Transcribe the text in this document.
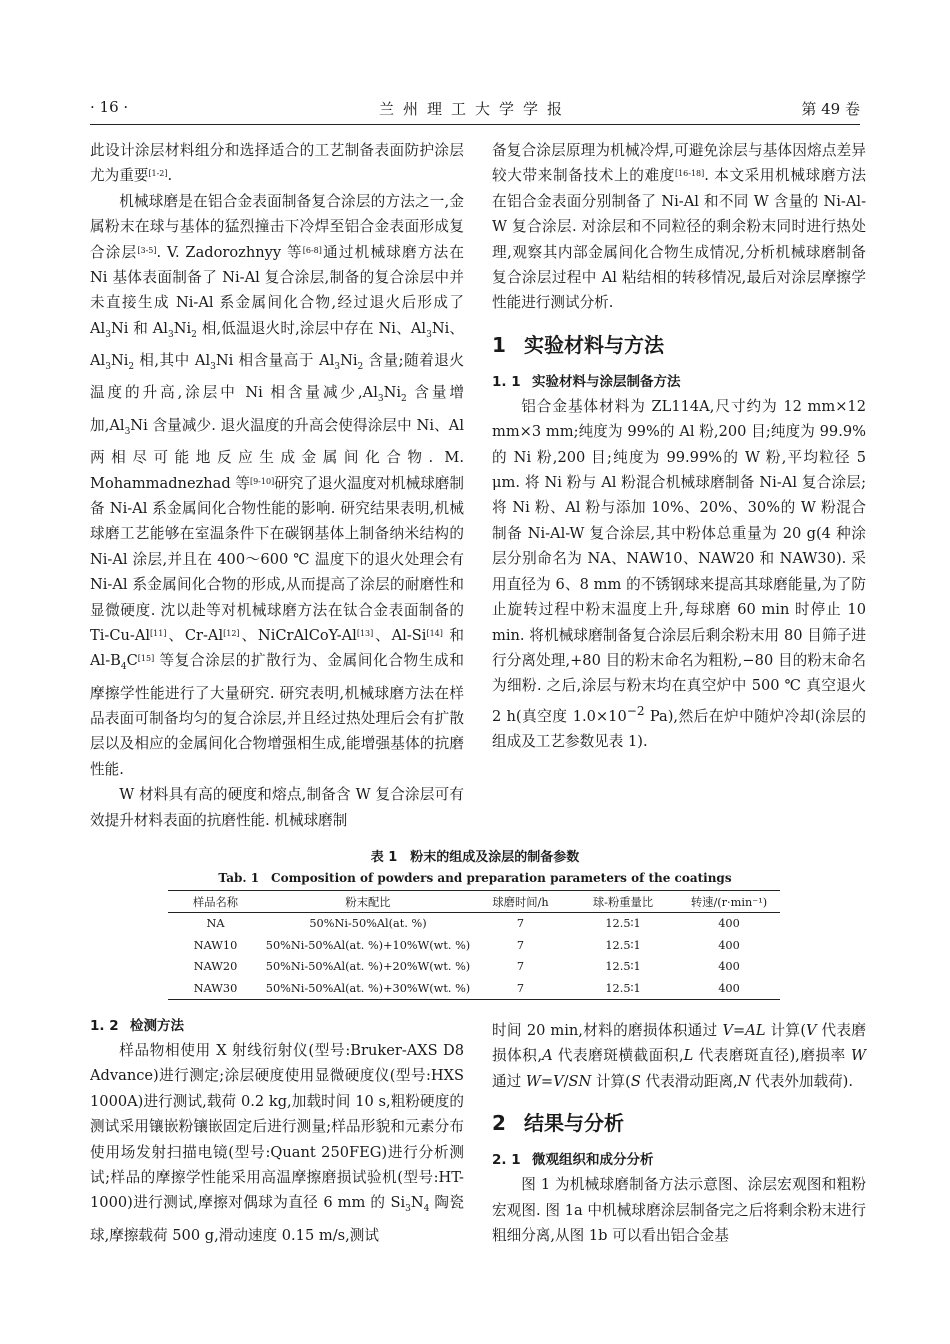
· 16 ·	兰州理工大学学报	第 49 卷

此设计涂层材料组分和选择适合的工艺制备表面防护涂层尤为重要[1-2].

机械球磨是在铝合金表面制备复合涂层的方法之一,金属粉末在球与基体的猛烈撞击下冷焊至铝合金表面形成复合涂层[3-5]. V. Zadorozhnyy 等[6-8]通过机械球磨方法在 Ni 基体表面制备了 Ni-Al 复合涂层,制备的复合涂层中并未直接生成 Ni-Al 系金属间化合物,经过退火后形成了 $Al_3Ni$ 和 $Al_3Ni_2$ 相,低温退火时,涂层中存在 Ni、$Al_3Ni$、$Al_3Ni_2$ 相,其中 $Al_3Ni$ 相含量高于 $Al_3Ni_2$ 含量;随着退火温度的升高,涂层中 Ni 相含量减少$,Al_3Ni_2$ 含量增加$,Al_3Ni$ 含量减少. 退火温度的升高会使得涂层中 Ni、Al 两相尽可能地反应生成金属间化合物. M. Mohammadnezhad 等[9-10]研究了退火温度对机械球磨制备 Ni-Al 系金属间化合物性能的影响. 研究结果表明,机械球磨工艺能够在室温条件下在碳钢基体上制备纳米结构的 Ni-Al 涂层,并且在 400～600 ℃ 温度下的退火处理会有 Ni-Al 系金属间化合物的形成,从而提高了涂层的耐磨性和显微硬度. 沈以赴等对机械球磨方法在钛合金表面制备的 Ti-Cu-Al[11]、Cr-Al[12]、NiCrAlCoY-Al[13]、Al-Si[14] 和 $Al-B_4C[15]$ 等复合涂层的扩散行为、金属间化合物生成和摩擦学性能进行了大量研究. 研究表明,机械球磨方法在样品表面可制备均匀的复合涂层,并且经过热处理后会有扩散层以及相应的金属间化合物增强相生成,能增强基体的抗磨性能.

W 材料具有高的硬度和熔点,制备含 W 复合涂层可有效提升材料表面的抗磨性能. 机械球磨制

备复合涂层原理为机械冷焊,可避免涂层与基体因熔点差异较大带来制备技术上的难度[16-18]. 本文采用机械球磨方法在铝合金表面分别制备了 Ni-Al 和不同 W 含量的 Ni-Al-W 复合涂层. 对涂层和不同粒径的剩余粉末同时进行热处理,观察其内部金属间化合物生成情况,分析机械球磨制备复合涂层过程中 Al 粘结相的转移情况,最后对涂层摩擦学性能进行测试分析.

1 实验材料与方法
1. 1 实验材料与涂层制备方法

铝合金基体材料为 ZL114A,尺寸约为 12 mm×12 mm×3 mm;纯度为 99%的 Al 粉,200 目;纯度为 99.9%的 Ni 粉,200 目;纯度为 99.99%的 W 粉,平均粒径 5 μm. 将 Ni 粉与 Al 粉混合机械球磨制备 Ni-Al 复合涂层;将 Ni 粉、Al 粉与添加 10%、20%、30%的 W 粉混合制备 Ni-Al-W 复合涂层,其中粉体总重量为 20 g(4 种涂层分别命名为 NA、NAW10、NAW20 和 NAW30). 采用直径为 6、8 mm 的不锈钢球来提高其球磨能量,为了防止旋转过程中粉末温度上升,每球磨 60 min 时停止 10 min. 将机械球磨制备复合涂层后剩余粉末用 80 目筛子进行分离处理,+80 目的粉末命名为粗粉,−80 目的粉末命名为细粉. 之后,涂层与粉末均在真空炉中 500 ℃ 真空退火 2 h(真空度 $1.0\times 10^{-2}$ Pa),然后在炉中随炉冷却(涂层的组成及工艺参数见表 1).

表 1　粉末的组成及涂层的制备参数
Tab. 1　Composition of powders and preparation parameters of the coatings
样品名称	粉末配比	球磨时间/h	球-粉重量比	转速/(r·min⁻¹)
NA	50%Ni-50%Al(at. %)	7	12.5∶1	400
NAW10	50%Ni-50%Al(at. %)+10%W(wt. %)	7	12.5∶1	400
NAW20	50%Ni-50%Al(at. %)+20%W(wt. %)	7	12.5∶1	400
NAW30	50%Ni-50%Al(at. %)+30%W(wt. %)	7	12.5∶1	400
1. 2 检测方法

样品物相使用 X 射线衍射仪(型号:Bruker-AXS D8 Advance)进行测定;涂层硬度使用显微硬度仪(型号:HXS 1000A)进行测试,载荷 0.2 kg,加载时间 10 s,粗粉硬度的测试采用镶嵌粉镶嵌固定后进行测量;样品形貌和元素分布使用场发射扫描电镜(型号:Quant 250FEG)进行分析测试;样品的摩擦学性能采用高温摩擦磨损试验机(型号:HT-1000)进行测试,摩擦对偶球为直径 6 mm 的 $Si_3N_4$ 陶瓷球,摩擦载荷 500 g,滑动速度 0.15 m/s,测试

时间 20 min,材料的磨损体积通过 V=AL 计算(V 代表磨损体积,A 代表磨斑横截面积,L 代表磨斑直径),磨损率 W 通过 W=V/SN 计算(S 代表滑动距离,N 代表外加载荷).

2 结果与分析
2. 1 微观组织和成分分析

图 1 为机械球磨制备方法示意图、涂层宏观图和粗粉宏观图. 图 1a 中机械球磨涂层制备完之后将剩余粉末进行粗细分离,从图 1b 可以看出铝合金基
